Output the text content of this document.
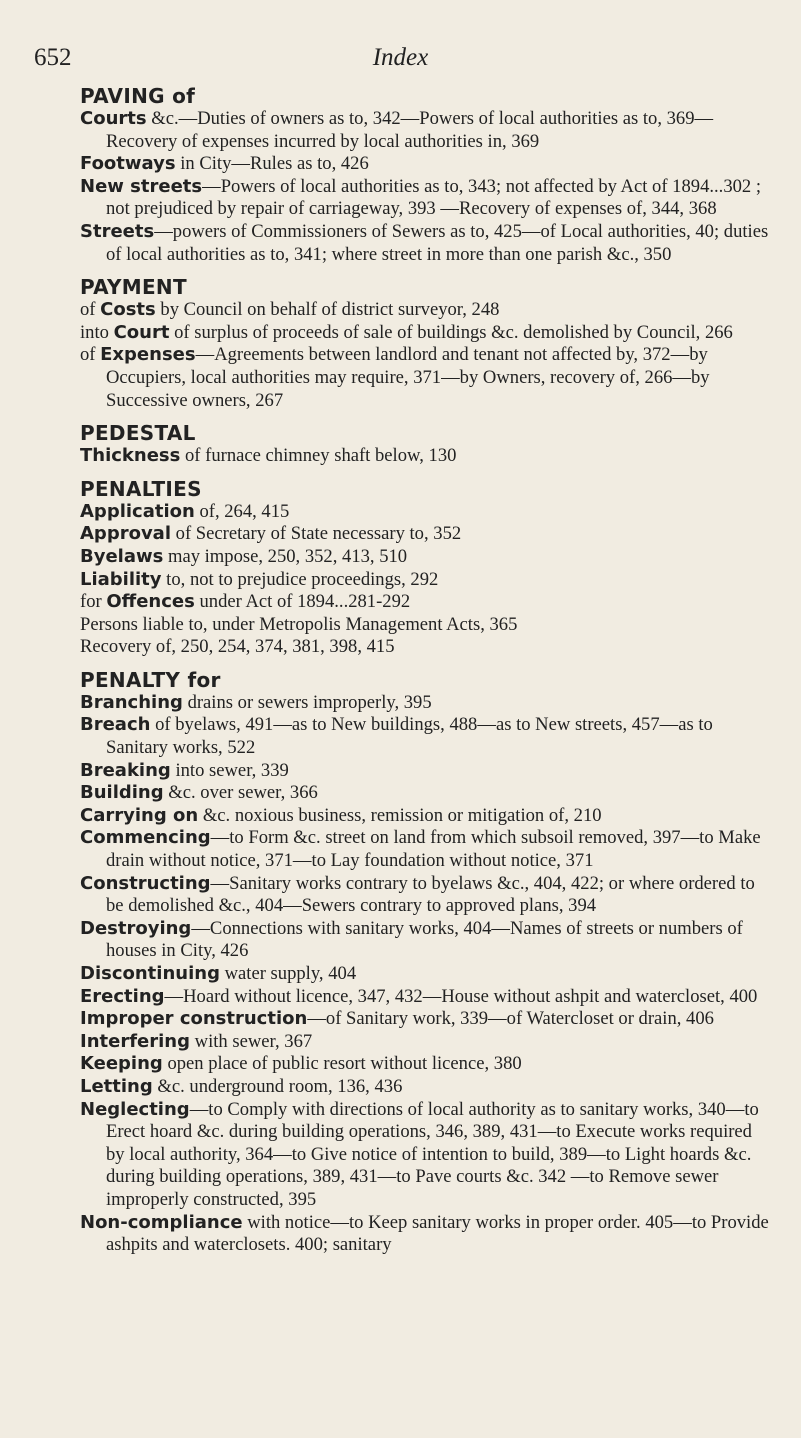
652	Index
PAVING of
Courts &c.—Duties of owners as to, 342—Powers of local authorities as to, 369—Recovery of expenses incurred by local authorities in, 369
Footways in City—Rules as to, 426
New streets—Powers of local authorities as to, 343; not affected by Act of 1894...302 ; not prejudiced by repair of carriageway, 393 —Recovery of expenses of, 344, 368
Streets—powers of Commissioners of Sewers as to, 425—of Local authorities, 40; duties of local authorities as to, 341; where street in more than one parish &c., 350
PAYMENT
of Costs by Council on behalf of district surveyor, 248
into Court of surplus of proceeds of sale of buildings &c. demolished by Council, 266
of Expenses—Agreements between landlord and tenant not affected by, 372—by Occupiers, local authorities may require, 371—by Owners, recovery of, 266—by Successive owners, 267
PEDESTAL
Thickness of furnace chimney shaft below, 130
PENALTIES
Application of, 264, 415
Approval of Secretary of State necessary to, 352
Byelaws may impose, 250, 352, 413, 510
Liability to, not to prejudice proceedings, 292
for Offences under Act of 1894...281-292
Persons liable to, under Metropolis Management Acts, 365
Recovery of, 250, 254, 374, 381, 398, 415
PENALTY for
Branching drains or sewers improperly, 395
Breach of byelaws, 491—as to New buildings, 488—as to New streets, 457—as to Sanitary works, 522
Breaking into sewer, 339
Building &c. over sewer, 366
Carrying on &c. noxious business, remission or mitigation of, 210
Commencing—to Form &c. street on land from which subsoil removed, 397—to Make drain without notice, 371—to Lay foundation without notice, 371
Constructing—Sanitary works contrary to byelaws &c., 404, 422; or where ordered to be demolished &c., 404—Sewers contrary to approved plans, 394
Destroying—Connections with sanitary works, 404—Names of streets or numbers of houses in City, 426
Discontinuing water supply, 404
Erecting—Hoard without licence, 347, 432—House without ashpit and watercloset, 400
Improper construction—of Sanitary work, 339—of Watercloset or drain, 406
Interfering with sewer, 367
Keeping open place of public resort without licence, 380
Letting &c. underground room, 136, 436
Neglecting—to Comply with directions of local authority as to sanitary works, 340—to Erect hoard &c. during building operations, 346, 389, 431—to Execute works required by local authority, 364—to Give notice of intention to build, 389—to Light hoards &c. during building operations, 389, 431—to Pave courts &c. 342 —to Remove sewer improperly constructed, 395
Non-compliance with notice—to Keep sanitary works in proper order. 405—to Provide ashpits and waterclosets. 400; sanitary
